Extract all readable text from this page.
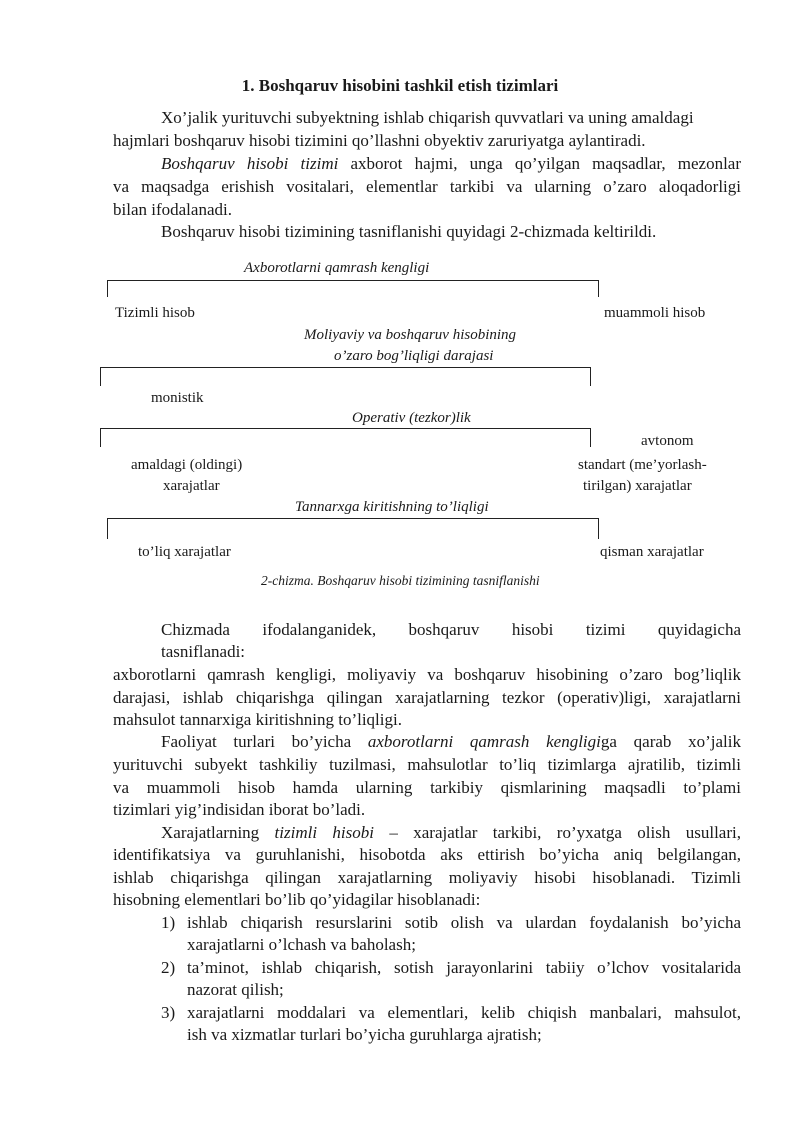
1. Boshqaruv hisobini tashkil etish tizimlari
Xo’jalik yurituvchi subyektning ishlab chiqarish quvvatlari va uning amaldagi
hajmlari boshqaruv hisobi tizimini qo’llashni obyektiv zaruriyatga aylantiradi.
Boshqaruv hisobi tizimi axborot hajmi, unga qo’yilgan maqsadlar, mezonlar
va maqsadga erishish vositalari, elementlar tarkibi va ularning o’zaro aloqadorligi
bilan ifodalanadi.
Boshqaruv hisobi tizimining tasniflanishi quyidagi 2-chizmada keltirildi.
Axborotlarni qamrash kengligi
Tizimli hisob	muammoli hisob
Moliyaviy va boshqaruv hisobining
o’zaro bog’liqligi darajasi
monistik
avtonom
Operativ (tezkor)lik
amaldagi (oldingi)
xarajatlar
standart (me’yorlash-
tirilgan) xarajatlar
Tannarxga kiritishning to’liqligi
to’liq xarajatlar	qisman xarajatlar
2-chizma. Boshqaruv hisobi tizimining tasniflanishi
Chizmada ifodalanganidek, boshqaruv hisobi tizimi quyidagicha
tasniflanadi:
axborotlarni qamrash kengligi, moliyaviy va boshqaruv hisobining o’zaro bog’liqlik
darajasi, ishlab chiqarishga qilingan xarajatlarning tezkor (operativ)ligi, xarajatlarni
mahsulot tannarxiga kiritishning to’liqligi.
Faoliyat turlari bo’yicha axborotlarni qamrash kengligiga qarab xo’jalik
yurituvchi subyekt tashkiliy tuzilmasi, mahsulotlar to’liq tizimlarga ajratilib, tizimli
va muammoli hisob hamda ularning tarkibiy qismlarining maqsadli to’plami
tizimlari yig’indisidan iborat bo’ladi.
Xarajatlarning tizimli hisobi – xarajatlar tarkibi, ro’yxatga olish usullari,
identifikatsiya va guruhlanishi, hisobotda aks ettirish bo’yicha aniq belgilangan,
ishlab chiqarishga qilingan xarajatlarning moliyaviy hisobi hisoblanadi. Tizimli
hisobning elementlari bo’lib qo’yidagilar hisoblanadi:
1) ishlab chiqarish resurslarini sotib olish va ulardan foydalanish bo’yicha
xarajatlarni o’lchash va baholash;
2) ta’minot, ishlab chiqarish, sotish jarayonlarini tabiiy o’lchov vositalarida
nazorat qilish;
3) xarajatlarni moddalari va elementlari, kelib chiqish manbalari, mahsulot,
ish va xizmatlar turlari bo’yicha guruhlarga ajratish;
